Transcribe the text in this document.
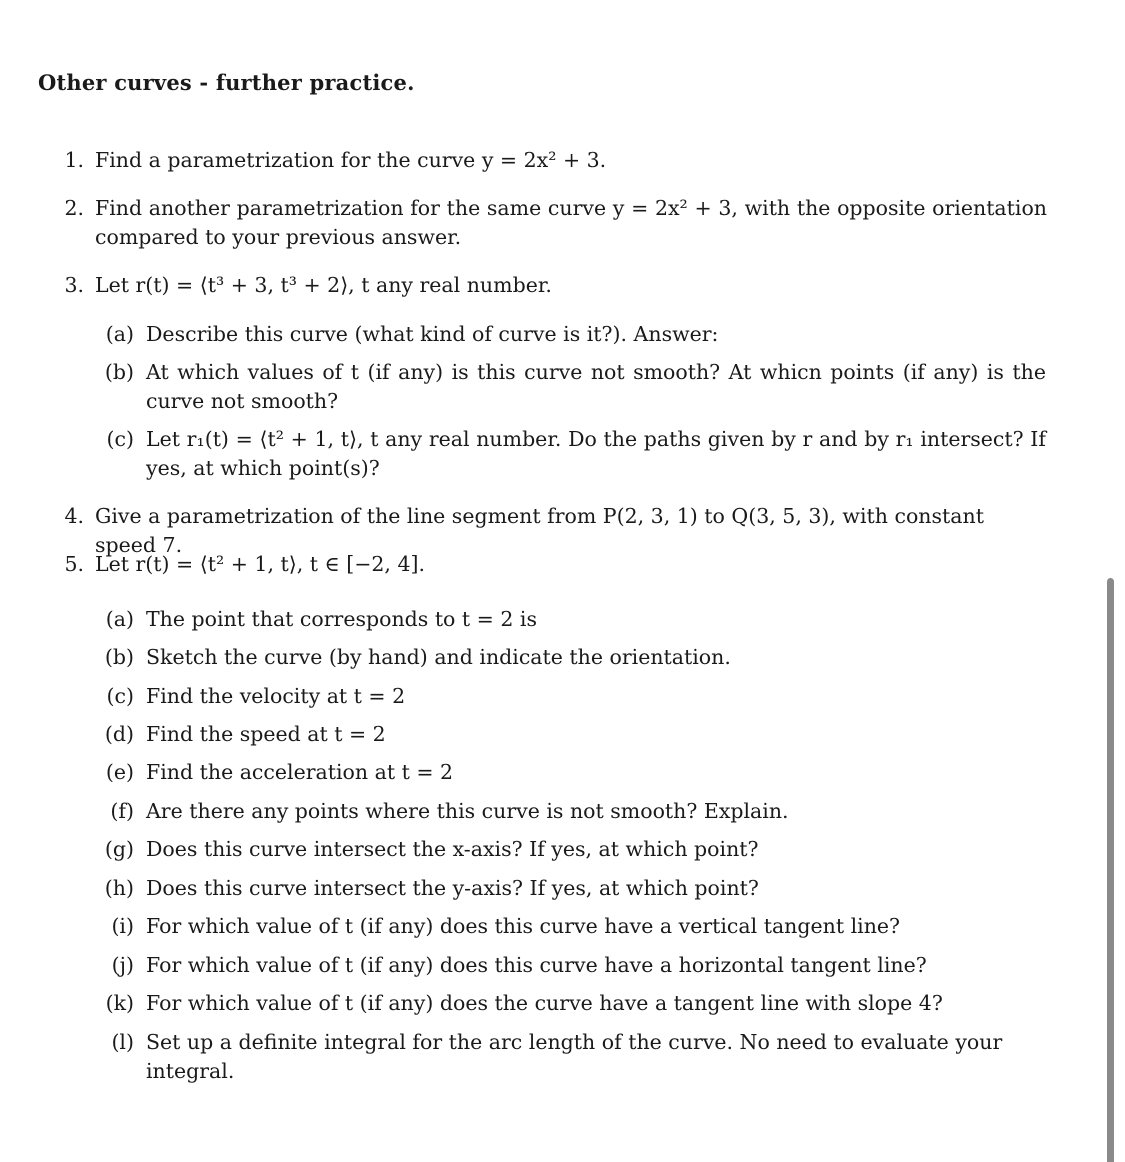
Other curves - further practice.
1. Find a parametrization for the curve y = 2x² + 3.
2. Find another parametrization for the same curve y = 2x² + 3, with the opposite orientation compared to your previous answer.
3. Let r(t) = ⟨t³ + 3, t³ + 2⟩, t any real number.
(a) Describe this curve (what kind of curve is it?). Answer:
(b) At which values of t (if any) is this curve not smooth? At whicn points (if any) is the curve not smooth?
(c) Let r₁(t) = ⟨t² + 1, t⟩, t any real number. Do the paths given by r and by r₁ intersect? If yes, at which point(s)?
4. Give a parametrization of the line segment from P(2, 3, 1) to Q(3, 5, 3), with constant speed 7.
5. Let r(t) = ⟨t² + 1, t⟩, t ∈ [−2, 4].
(a) The point that corresponds to t = 2 is
(b) Sketch the curve (by hand) and indicate the orientation.
(c) Find the velocity at t = 2
(d) Find the speed at t = 2
(e) Find the acceleration at t = 2
(f) Are there any points where this curve is not smooth? Explain.
(g) Does this curve intersect the x-axis? If yes, at which point?
(h) Does this curve intersect the y-axis? If yes, at which point?
(i) For which value of t (if any) does this curve have a vertical tangent line?
(j) For which value of t (if any) does this curve have a horizontal tangent line?
(k) For which value of t (if any) does the curve have a tangent line with slope 4?
(l) Set up a definite integral for the arc length of the curve. No need to evaluate your integral.
